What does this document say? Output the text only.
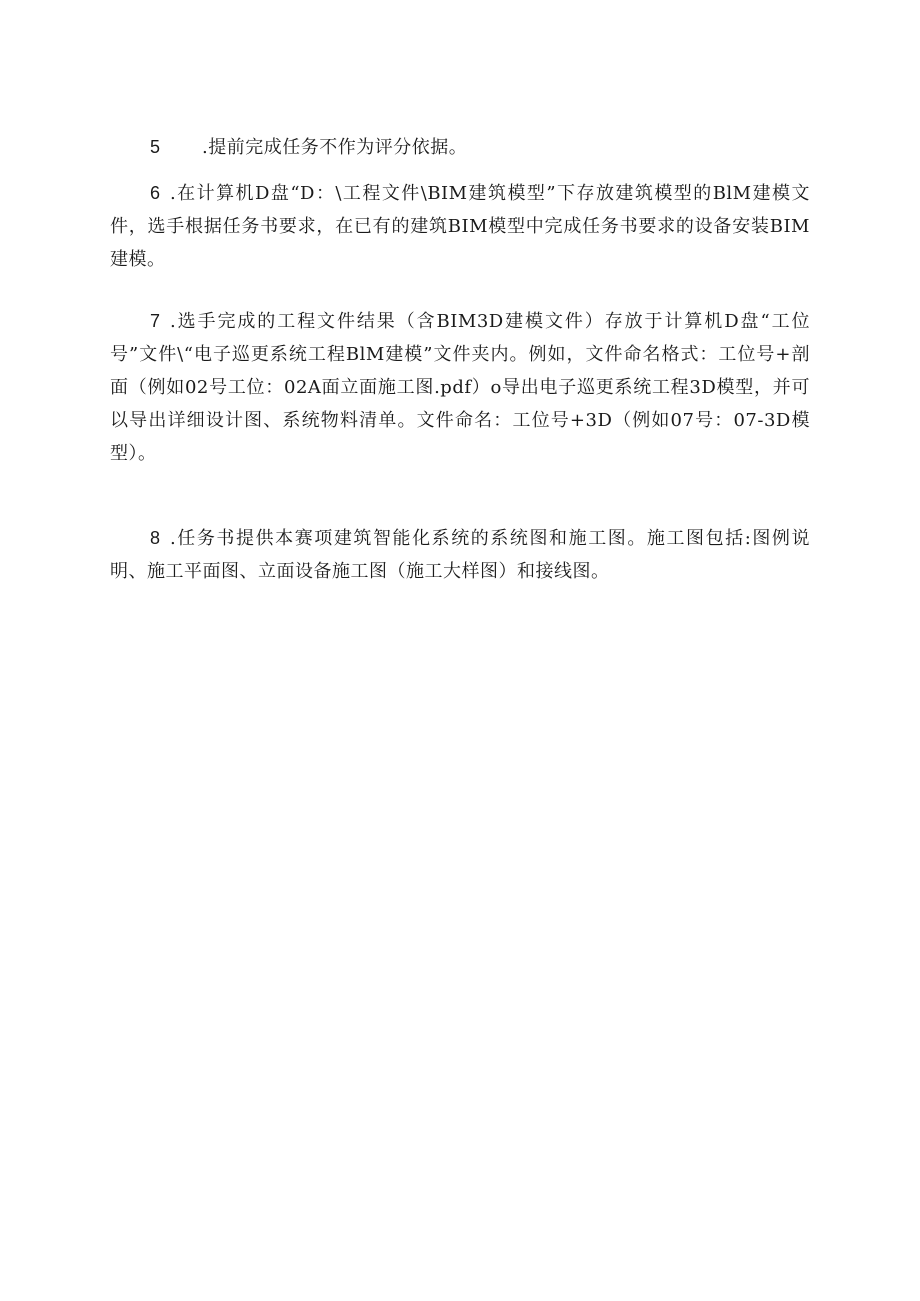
5 .提前完成任务不作为评分依据。

6 .在计算机D盘“D：\工程文件\BIM建筑模型”下存放建筑模型的BlM建模文件，选手根据任务书要求，在已有的建筑BIM模型中完成任务书要求的设备安装BIM建模。

7 .选手完成的工程文件结果（含BIM3D建模文件）存放于计算机D盘“工位号”文件\“电子巡更系统工程BlM建模”文件夹内。例如，文件命名格式：工位号+剖面（例如02号工位：02A面立面施工图.pdf）o导出电子巡更系统工程3D模型，并可以导出详细设计图、系统物料清单。文件命名：工位号+3D（例如07号：07-3D模型）。

8 .任务书提供本赛项建筑智能化系统的系统图和施工图。施工图包括:图例说明、施工平面图、立面设备施工图（施工大样图）和接线图。
